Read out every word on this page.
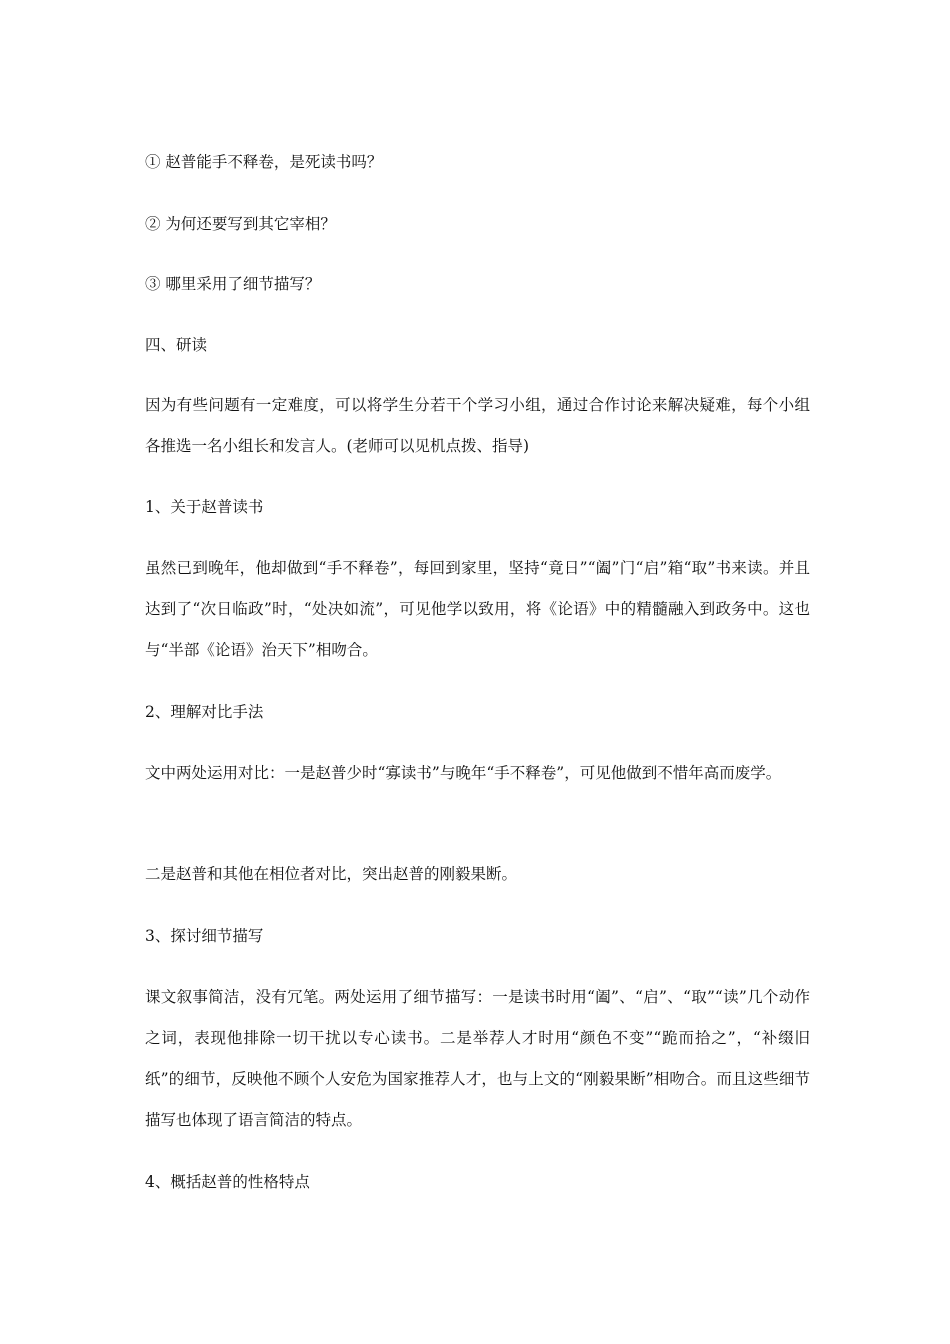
① 赵普能手不释卷，是死读书吗？
② 为何还要写到其它宰相？
③ 哪里采用了细节描写？
四、研读
因为有些问题有一定难度，可以将学生分若干个学习小组，通过合作讨论来解决疑难，每个小组各推选一名小组长和发言人。(老师可以见机点拨、指导)
1、关于赵普读书
虽然已到晚年，他却做到“手不释卷”，每回到家里，坚持“竟日”“阖”门“启”箱“取”书来读。并且达到了“次日临政”时，“处决如流”，可见他学以致用，将《论语》中的精髓融入到政务中。这也与“半部《论语》治天下”相吻合。
2、理解对比手法
文中两处运用对比：一是赵普少时“寡读书”与晚年“手不释卷”，可见他做到不惜年高而废学。
二是赵普和其他在相位者对比，突出赵普的刚毅果断。
3、探讨细节描写
课文叙事简洁，没有冗笔。两处运用了细节描写：一是读书时用“阖”、“启”、“取”“读”几个动作之词，表现他排除一切干扰以专心读书。二是举荐人才时用“颜色不变”“跪而拾之”，“补缀旧纸”的细节，反映他不顾个人安危为国家推荐人才，也与上文的“刚毅果断”相吻合。而且这些细节描写也体现了语言简洁的特点。
4、概括赵普的性格特点
